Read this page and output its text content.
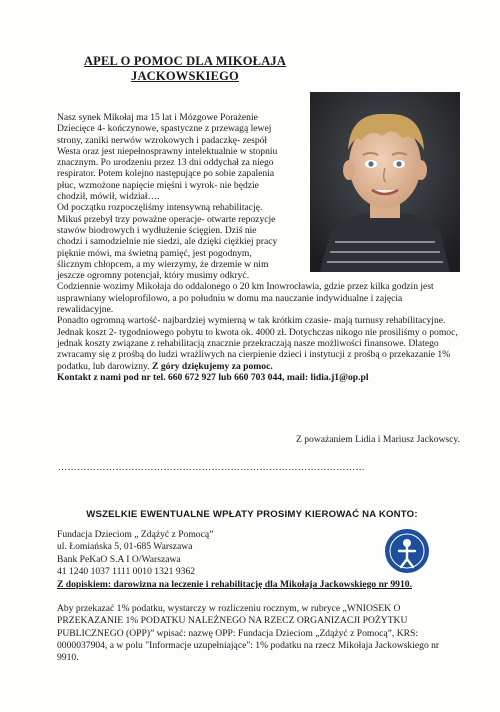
APEL O POMOC DLA MIKOŁAJA
JACKOWSKIEGO

Nasz synek Mikołaj ma 15 lat i Mózgowe Porażenie

Dziecięce 4- kończynowe, spastyczne z przewagą lewej

strony, zaniki nerwów wzrokowych i padaczkę- zespół

Westa oraz jest niepełnosprawny intelektualnie w stopniu

znacznym. Po urodzeniu przez 13 dni oddychał za niego

respirator. Potem kolejno następujące po sobie zapalenia

płuc, wzmożone napięcie mięśni i wyrok- nie będzie

chodził, mówił, widział….

Od początku rozpoczęliśmy intensywną rehabilitację.

Mikuś przebył trzy poważne operacje- otwarte repozycje

stawów biodrowych i wydłużenie ścięgien. Dziś nie

chodzi i samodzielnie nie siedzi, ale dzięki ciężkiej pracy

pięknie mówi, ma świetną pamięć, jest pogodnym,

ślicznym chłopcem, a my wierzymy, że drzemie w nim

jeszcze ogromny potencjał, który musimy odkryć.

Codziennie wozimy Mikołaja do oddalonego o 20 km Inowrocławia, gdzie przez kilka godzin jest usprawniany wieloprofilowo, a po południu w domu ma nauczanie indywidualne i zajęcia rewalidacyjne.

Ponadto ogromną wartość- najbardziej wymierną w tak krótkim czasie- mają turnusy rehabilitacyjne. Jednak koszt 2- tygodniowego pobytu to kwota ok. 4000 zł. Dotychczas nikogo nie prosiliśmy o pomoc, jednak koszty związane z rehabilitacją znacznie przekraczają nasze możliwości finansowe. Dlatego zwracamy się z prośbą do ludzi wrażliwych na cierpienie dzieci i instytucji z prośbą o przekazanie 1% podatku, lub darowizny. Z góry dziękujemy za pomoc.

Kontakt z nami pod nr tel. 660 672 927 lub 660 703 044, mail: lidia.j1@op.pl

Z poważaniem Lidia i Mariusz Jackowscy.
……………………………………………………………………………………
WSZELKIE EWENTUALNE WPŁATY PROSIMY KIEROWAĆ NA KONTO:
Fundacja Dzieciom „ Zdążyć z Pomocą”
ul. Łomiańska 5, 01-685 Warszawa
Bank PeKaO S.A I O/Warszawa
41 1240 1037 1111 0010 1321 9362
Z dopiskiem: darowizna na leczenie i rehabilitację dla Mikołaja Jackowskiego nr 9910.
Aby przekazać 1% podatku, wystarczy w rozliczeniu rocznym, w rubryce „WNIOSEK O PRZEKAZANIE 1% PODATKU NALEŻNEGO NA RZECZ ORGANIZACJI POŻYTKU PUBLICZNEGO (OPP)” wpisać: nazwę OPP: Fundacja Dzieciom „Zdążyć z Pomocą”, KRS: 0000037904, a w polu "Informacje uzupełniające": 1% podatku na rzecz Mikołaja Jackowskiego nr 9910.
